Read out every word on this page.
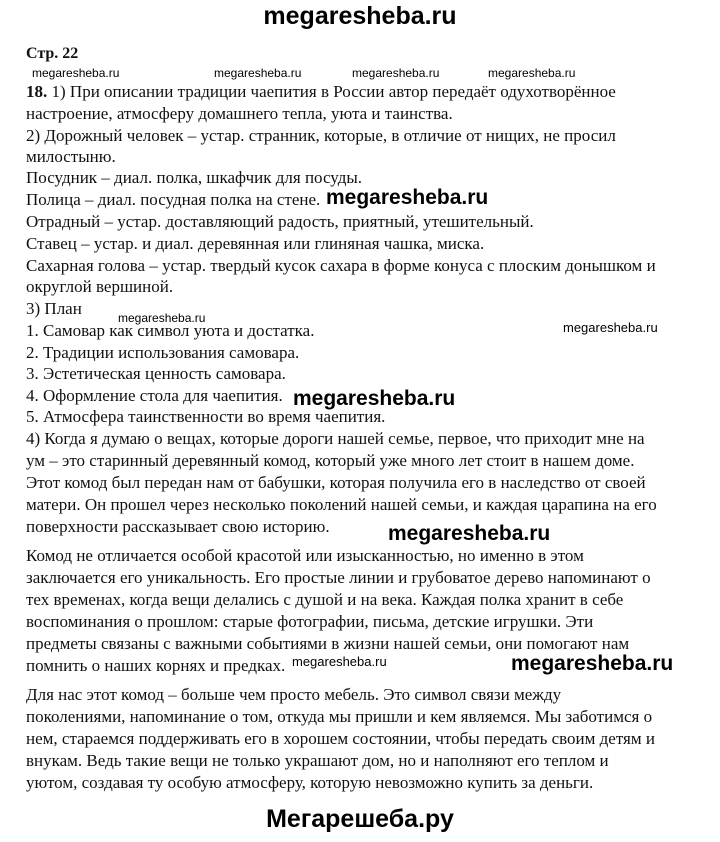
megaresheba.ru
Стр. 22
megaresheba.ru	megaresheba.ru	megaresheba.ru	megaresheba.ru
18. 1) При описании традиции чаепития в России автор передаёт одухотворённое
настроение, атмосферу домашнего тепла, уюта и таинства.
2) Дорожный человек – устар. странник, которые, в отличие от нищих, не просил
милостыню.
Посудник – диал. полка, шкафчик для посуды.
Полица – диал. посудная полка на стене.
Отрадный – устар. доставляющий радость, приятный, утешительный.
Ставец – устар. и диал. деревянная или глиняная чашка, миска.
Сахарная голова – устар. твердый кусок сахара в форме конуса с плоским донышком и
округлой вершиной.
3) План
1. Самовар как символ уюта и достатка.
2. Традиции использования самовара.
3. Эстетическая ценность самовара.
4. Оформление стола для чаепития.
5. Атмосфера таинственности во время чаепития.
4) Когда я думаю о вещах, которые дороги нашей семье, первое, что приходит мне на
ум – это старинный деревянный комод, который уже много лет стоит в нашем доме.
Этот комод был передан нам от бабушки, которая получила его в наследство от своей
матери. Он прошел через несколько поколений нашей семьи, и каждая царапина на его
поверхности рассказывает свою историю.
Комод не отличается особой красотой или изысканностью, но именно в этом
заключается его уникальность. Его простые линии и грубоватое дерево напоминают о
тех временах, когда вещи делались с душой и на века. Каждая полка хранит в себе
воспоминания о прошлом: старые фотографии, письма, детские игрушки. Эти
предметы связаны с важными событиями в жизни нашей семьи, они помогают нам
помнить о наших корнях и предках.
Для нас этот комод – больше чем просто мебель. Это символ связи между
поколениями, напоминание о том, откуда мы пришли и кем являемся. Мы заботимся о
нем, стараемся поддерживать его в хорошем состоянии, чтобы передать своим детям и
внукам. Ведь такие вещи не только украшают дом, но и наполняют его теплом и
уютом, создавая ту особую атмосферу, которую невозможно купить за деньги.
megaresheba.ru
megaresheba.ru
megaresheba.ru
megaresheba.ru
megaresheba.ru
megaresheba.ru	megaresheba.ru
Мегарешеба.ру
